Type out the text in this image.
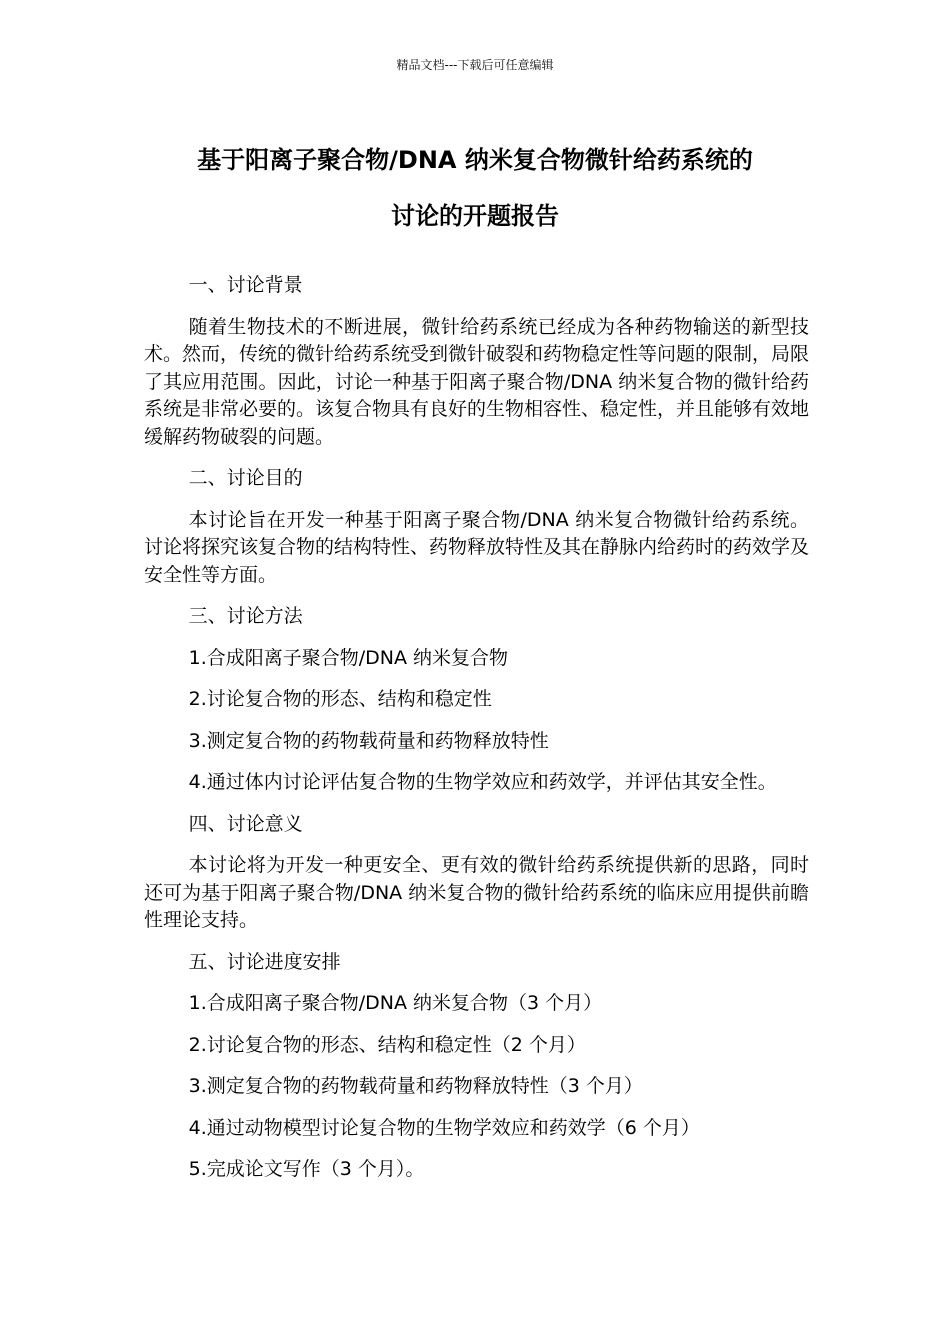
精品文档---下载后可任意编辑
基于阳离子聚合物/DNA 纳米复合物微针给药系统的
讨论的开题报告

一、讨论背景

随着生物技术的不断进展，微针给药系统已经成为各种药物输送的新型技术。然而，传统的微针给药系统受到微针破裂和药物稳定性等问题的限制，局限了其应用范围。因此，讨论一种基于阳离子聚合物/DNA 纳米复合物的微针给药系统是非常必要的。该复合物具有良好的生物相容性、稳定性，并且能够有效地缓解药物破裂的问题。

二、讨论目的

本讨论旨在开发一种基于阳离子聚合物/DNA 纳米复合物微针给药系统。讨论将探究该复合物的结构特性、药物释放特性及其在静脉内给药时的药效学及安全性等方面。

三、讨论方法

1.合成阳离子聚合物/DNA 纳米复合物

2.讨论复合物的形态、结构和稳定性

3.测定复合物的药物载荷量和药物释放特性

4.通过体内讨论评估复合物的生物学效应和药效学，并评估其安全性。

四、讨论意义

本讨论将为开发一种更安全、更有效的微针给药系统提供新的思路，同时还可为基于阳离子聚合物/DNA 纳米复合物的微针给药系统的临床应用提供前瞻性理论支持。

五、讨论进度安排

1.合成阳离子聚合物/DNA 纳米复合物（3 个月）

2.讨论复合物的形态、结构和稳定性（2 个月）

3.测定复合物的药物载荷量和药物释放特性（3 个月）

4.通过动物模型讨论复合物的生物学效应和药效学（6 个月）

5.完成论文写作（3 个月）。
